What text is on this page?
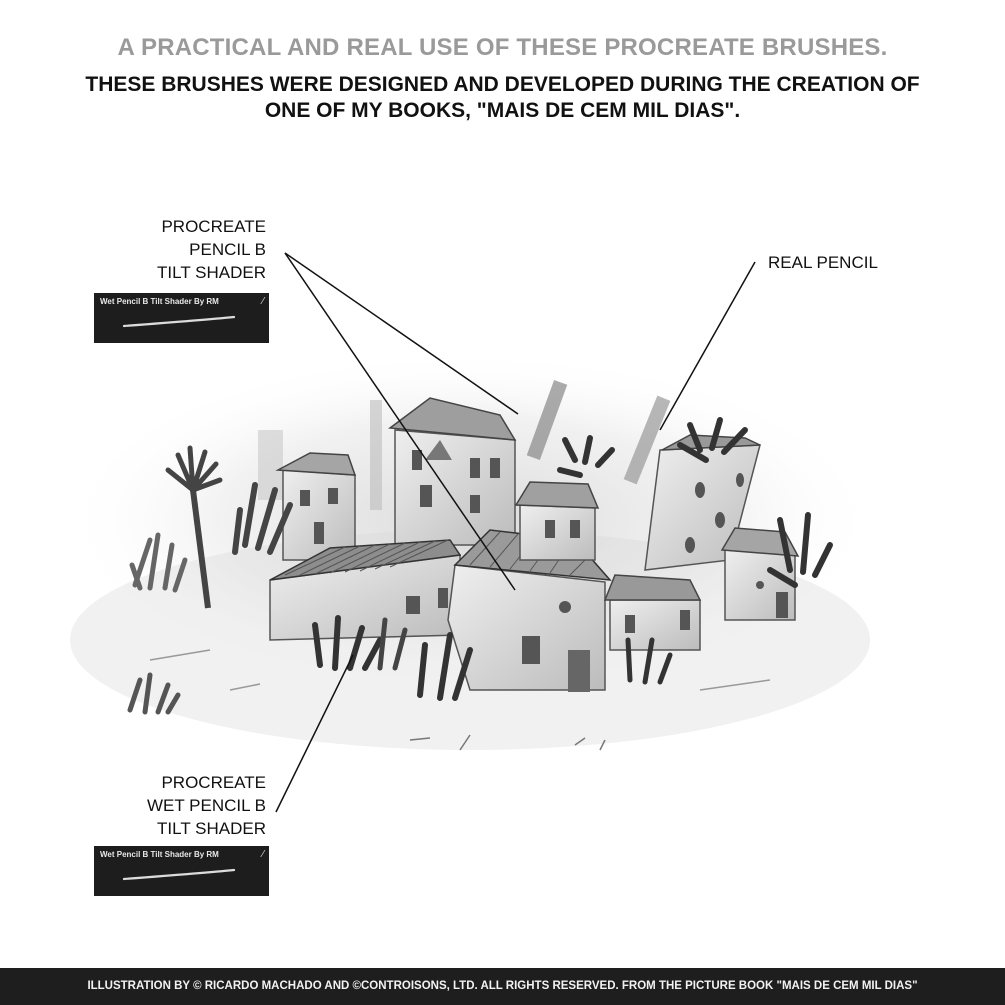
A PRACTICAL AND REAL USE OF THESE PROCREATE BRUSHES.
THESE BRUSHES WERE DESIGNED AND DEVELOPED DURING THE CREATION OF ONE OF MY BOOKS, "MAIS DE CEM MIL DIAS".
PROCREATE
PENCIL B
TILT SHADER
REAL PENCIL
PROCREATE
WET PENCIL B
TILT SHADER
Wet Pencil B Tilt Shader By RM	⁄
Wet Pencil B Tilt Shader By RM	⁄
ILLUSTRATION BY © RICARDO MACHADO AND ©CONTROISONS, LTD. ALL RIGHTS RESERVED. FROM THE PICTURE BOOK "MAIS DE CEM MIL DIAS"
